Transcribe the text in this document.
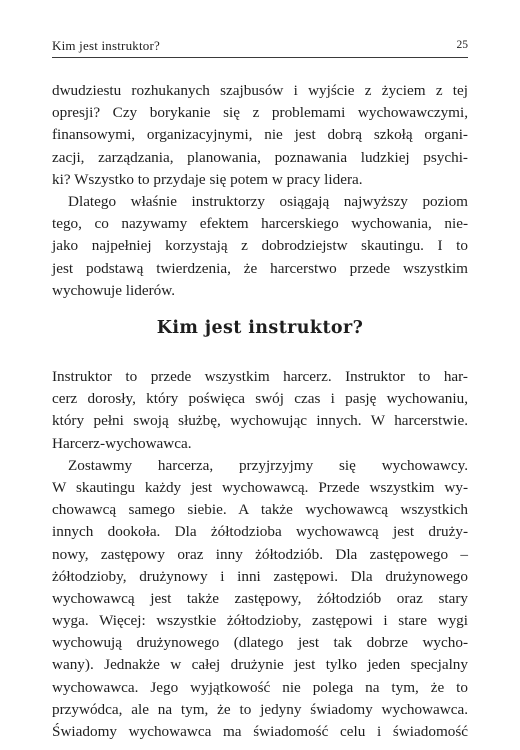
Kim jest instruktor?	25
dwudziestu rozhukanych szajbusów i wyjście z życiem z tej
opresji? Czy borykanie się z problemami wychowawczymi,
finansowymi, organizacyjnymi, nie jest dobrą szkołą organi-
zacji, zarządzania, planowania, poznawania ludzkiej psychi-
ki? Wszystko to przydaje się potem w pracy lidera.
Dlatego właśnie instruktorzy osiągają najwyższy poziom
tego, co nazywamy efektem harcerskiego wychowania, nie-
jako najpełniej korzystają z dobrodziejstw skautingu. I to
jest podstawą twierdzenia, że harcerstwo przede wszystkim
wychowuje liderów.
Kim jest instruktor?
Instruktor to przede wszystkim harcerz. Instruktor to har-
cerz dorosły, który poświęca swój czas i pasję wychowaniu,
który pełni swoją służbę, wychowując innych. W harcerstwie.
Harcerz-wychowawca.
Zostawmy harcerza, przyjrzyjmy się wychowawcy.
W skautingu każdy jest wychowawcą. Przede wszystkim wy-
chowawcą samego siebie. A także wychowawcą wszystkich
innych dookoła. Dla żółtodzioba wychowawcą jest druży-
nowy, zastępowy oraz inny żółtodziób. Dla zastępowego –
żółtodzioby, drużynowy i inni zastępowi. Dla drużynowego
wychowawcą jest także zastępowy, żółtodziób oraz stary
wyga. Więcej: wszystkie żółtodzioby, zastępowi i stare wygi
wychowują drużynowego (dlatego jest tak dobrze wycho-
wany). Jednakże w całej drużynie jest tylko jeden specjalny
wychowawca. Jego wyjątkowość nie polega na tym, że to
przywódca, ale na tym, że to jedyny świadomy wychowawca.
Świadomy wychowawca ma świadomość celu i świadomość
